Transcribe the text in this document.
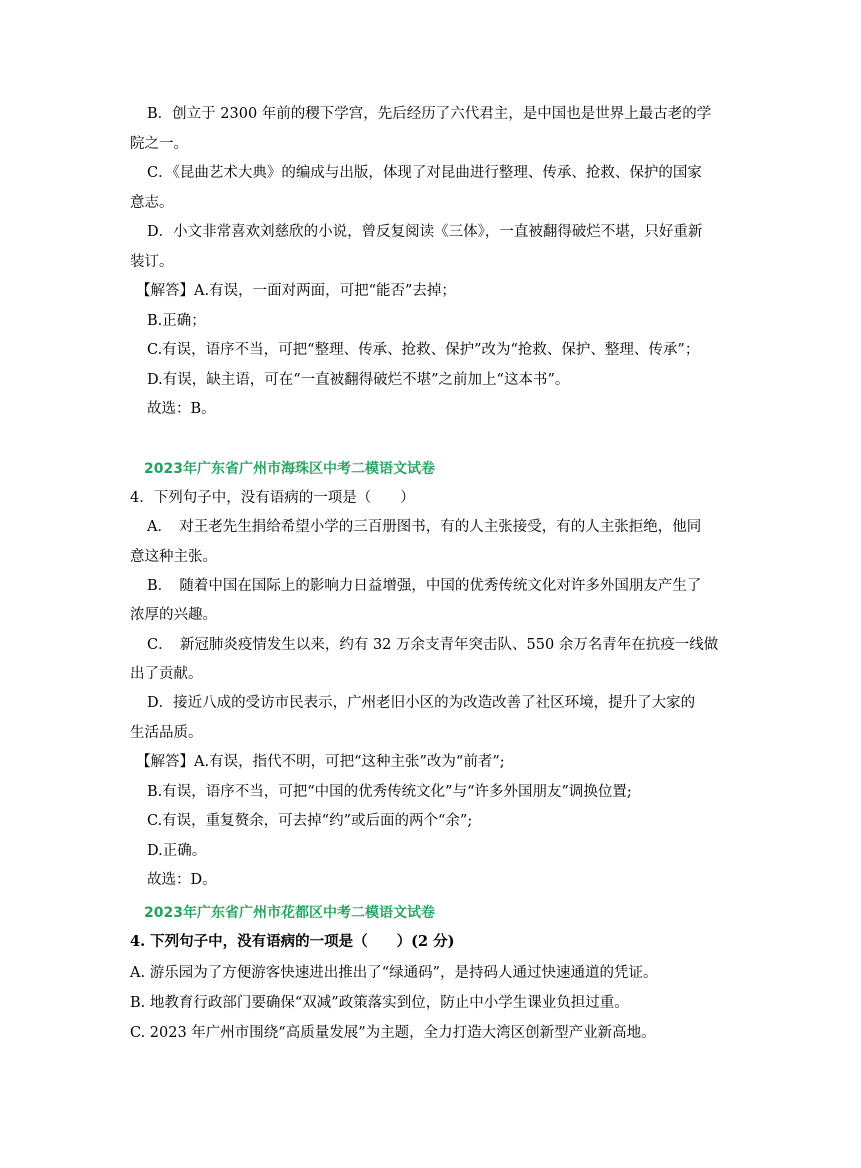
B．创立于 2300 年前的稷下学宫，先后经历了六代君主，是中国也是世界上最古老的学
院之一。
C．《昆曲艺术大典》的编成与出版，体现了对昆曲进行整理、传承、抢救、保护的国家
意志。
D．小文非常喜欢刘慈欣的小说，曾反复阅读《三体》，一直被翻得破烂不堪，只好重新
装订。
【解答】A.有误，一面对两面，可把“能否”去掉；
B.正确；
C.有误，语序不当，可把“整理、传承、抢救、保护”改为“抢救、保护、整理、传承”；
D.有误，缺主语，可在“一直被翻得破烂不堪”之前加上“这本书”。
故选：B。
2023年广东省广州市海珠区中考二模语文试卷
4．下列句子中，没有语病的一项是（　　）
A．　对王老先生捐给希望小学的三百册图书，有的人主张接受，有的人主张拒绝，他同
意这种主张。
B．　随着中国在国际上的影响力日益增强，中国的优秀传统文化对许多外国朋友产生了
浓厚的兴趣。
C．　新冠肺炎疫情发生以来，约有 32 万余支青年突击队、550 余万名青年在抗疫一线做
出了贡献。
D．接近八成的受访市民表示，广州老旧小区的为改造改善了社区环境，提升了大家的
生活品质。
【解答】A.有误，指代不明，可把“这种主张”改为“前者”;
B.有误，语序不当，可把“中国的优秀传统文化”与“许多外国朋友”调换位置;
C.有误，重复赘余，可去掉“约”或后面的两个“余”;
D.正确。
故选：D。
2023年广东省广州市花都区中考二模语文试卷
4. 下列句子中，没有语病的一项是（　　）(2 分)
A. 游乐园为了方便游客快速进出推出了“绿通码”，是持码人通过快速通道的凭证。
B. 地教育行政部门要确保“双减”政策落实到位，防止中小学生课业负担过重。
C. 2023 年广州市围绕“高质量发展”为主题，全力打造大湾区创新型产业新高地。
